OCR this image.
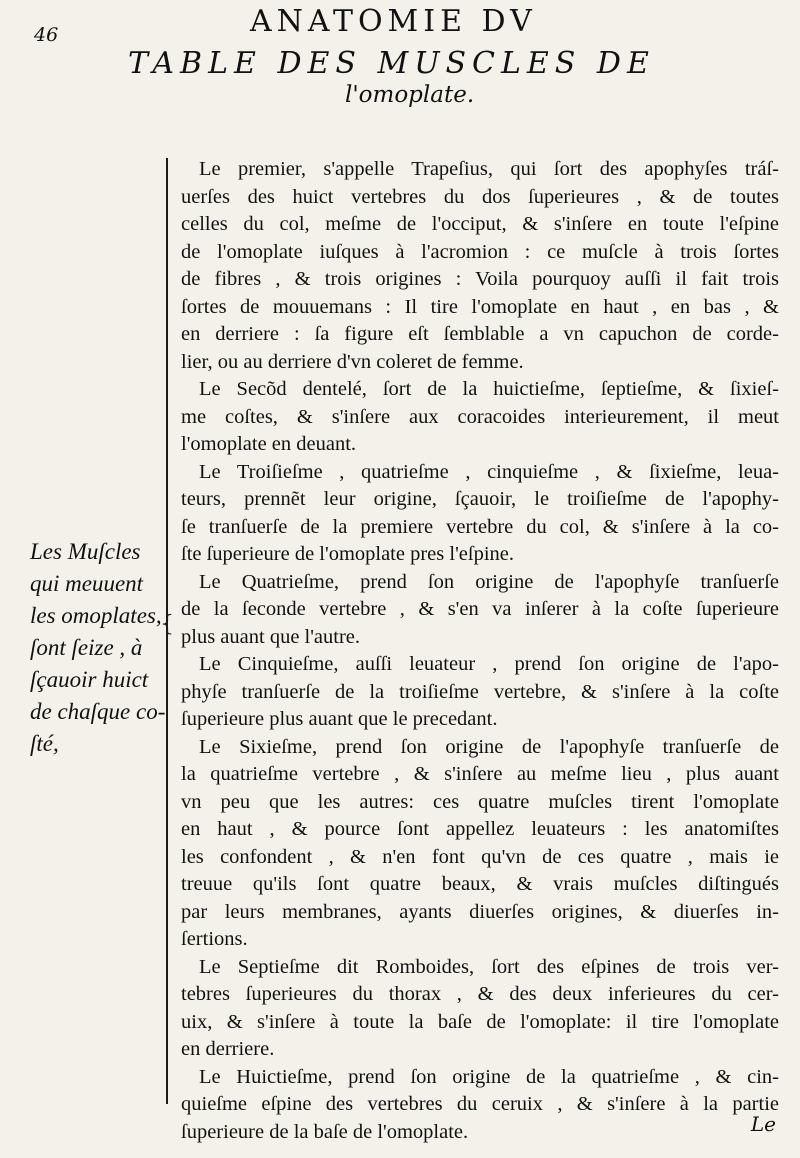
46	ANATOMIE DV
TABLE DES MUSCLES DE
l'omoplate.
Les Muſcles
qui meuuent
les omoplates,
ſont ſeize , à
ſçauoir huict
de chaſque co-
ſté,
{
Le premier, s'appelle Trapeſius, qui ſort des apophyſes tráſ-
uerſes des huict vertebres du dos ſuperieures , & de toutes
celles du col, meſme de l'occiput, & s'inſere en toute l'eſpine
de l'omoplate iuſques à l'acromion : ce muſcle à trois ſortes
de fibres , & trois origines : Voila pourquoy auſſi il fait trois
ſortes de mouuemans : Il tire l'omoplate en haut , en bas , &
en derriere : ſa figure eſt ſemblable a vn capuchon de corde-
lier, ou au derriere d'vn coleret de femme.
Le Secõd dentelé, ſort de la huictieſme, ſeptieſme, & ſixieſ-
me coſtes, & s'inſere aux coracoides interieurement, il meut
l'omoplate en deuant.
Le Troiſieſme , quatrieſme , cinquieſme , & ſixieſme, leua-
teurs, prennẽt leur origine, ſçauoir, le troiſieſme de l'apophy-
ſe tranſuerſe de la premiere vertebre du col, & s'inſere à la co-
ſte ſuperieure de l'omoplate pres l'eſpine.
Le Quatrieſme, prend ſon origine de l'apophyſe tranſuerſe
de la ſeconde vertebre , & s'en va inſerer à la coſte ſuperieure
plus auant que l'autre.
Le Cinquieſme, auſſi leuateur , prend ſon origine de l'apo-
phyſe tranſuerſe de la troiſieſme vertebre, & s'inſere à la coſte
ſuperieure plus auant que le precedant.
Le Sixieſme, prend ſon origine de l'apophyſe tranſuerſe de
la quatrieſme vertebre , & s'inſere au meſme lieu , plus auant
vn peu que les autres: ces quatre muſcles tirent l'omoplate
en haut , & pource ſont appellez leuateurs : les anatomiſtes
les confondent , & n'en font qu'vn de ces quatre , mais ie
treuue qu'ils ſont quatre beaux, & vrais muſcles diſtingués
par leurs membranes, ayants diuerſes origines, & diuerſes in-
ſertions.
Le Septieſme dit Romboides, ſort des eſpines de trois ver-
tebres ſuperieures du thorax , & des deux inferieures du cer-
uix, & s'inſere à toute la baſe de l'omoplate: il tire l'omoplate
en derriere.
Le Huictieſme, prend ſon origine de la quatrieſme , & cin-
quieſme eſpine des vertebres du ceruix , & s'inſere à la partie
ſuperieure de la baſe de l'omoplate.	Le
